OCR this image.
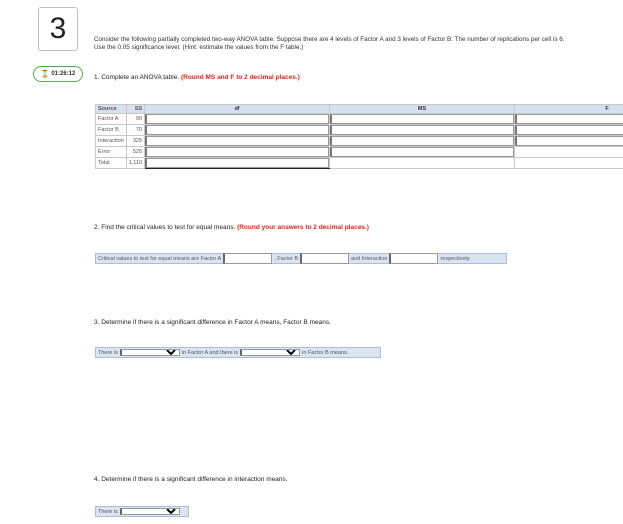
3
⌛ 01:26:12
Consider the following partially completed two-way ANOVA table. Suppose there are 4 levels of Factor A and 3 levels of Factor B. The number of replications per cell is 6. Use the 0.05 significance level. (Hint: estimate the values from the F table.)
1. Complete an ANOVA table. (Round MS and F to 2 decimal places.)
Source	SS	df	MS	F
Factor A	90	

Factor B	70	

Interaction	325	

Error	525	

Total	1,110	

2. Find the critical values to test for equal means. (Round your answers to 2 decimal places.)
Critical values to test for equal means are Factor A	, Factor B	and Interaction	respectively.
3. Determine if there is a significant difference in Factor A means, Factor B means.
There is	in Factor A and there is	in Factor B means.
4. Determine if there is a significant difference in interaction means.
There is
